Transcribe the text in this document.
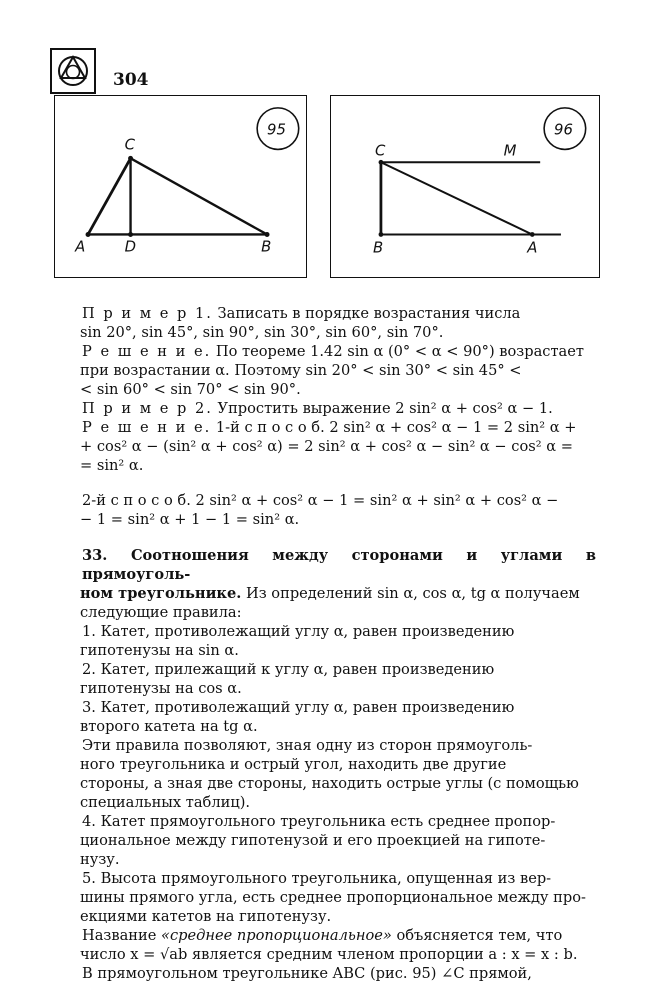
304
95
C
A	D	B
96
C	M
B	A

П р и м е р 1. Записать в порядке возрастания числа

sin 20°, sin 45°, sin 90°, sin 30°, sin 60°, sin 70°.

Р е ш е н и е. По теореме 1.42 sin α (0° < α < 90°) возрастает

при возрастании α. Поэтому sin 20° < sin 30° < sin 45° <

< sin 60° < sin 70° < sin 90°.

П р и м е р 2. Упростить выражение 2 sin² α + cos² α − 1.

Р е ш е н и е. 1-й с п о с о б. 2 sin² α + cos² α − 1 = 2 sin² α +

+ cos² α − (sin² α + cos² α) = 2 sin² α + cos² α − sin² α − cos² α =

= sin² α.

2-й с п о с о б. 2 sin² α + cos² α − 1 = sin² α + sin² α + cos² α −

− 1 = sin² α + 1 − 1 = sin² α.

33. Соотношения между сторонами и углами в прямоуголь-

ном треугольнике. Из определений sin α, cos α, tg α получаем

следующие правила:

1. Катет, противолежащий углу α, равен произведению

гипотенузы на sin α.

2. Катет, прилежащий к углу α, равен произведению

гипотенузы на cos α.

3. Катет, противолежащий углу α, равен произведению

второго катета на tg α.

Эти правила позволяют, зная одну из сторон прямоуголь-

ного треугольника и острый угол, находить две другие

стороны, а зная две стороны, находить острые углы (с помощью

специальных таблиц).

4. Катет прямоугольного треугольника есть среднее пропор-

циональное между гипотенузой и его проекцией на гипоте-

нузу.

5. Высота прямоугольного треугольника, опущенная из вер-

шины прямого угла, есть среднее пропорциональное между про-

екциями катетов на гипотенузу.

Название «среднее пропорциональное» объясняется тем, что

число x = √ab является средним членом пропорции a : x = x : b.

В прямоугольном треугольнике ABC (рис. 95) ∠C прямой,
